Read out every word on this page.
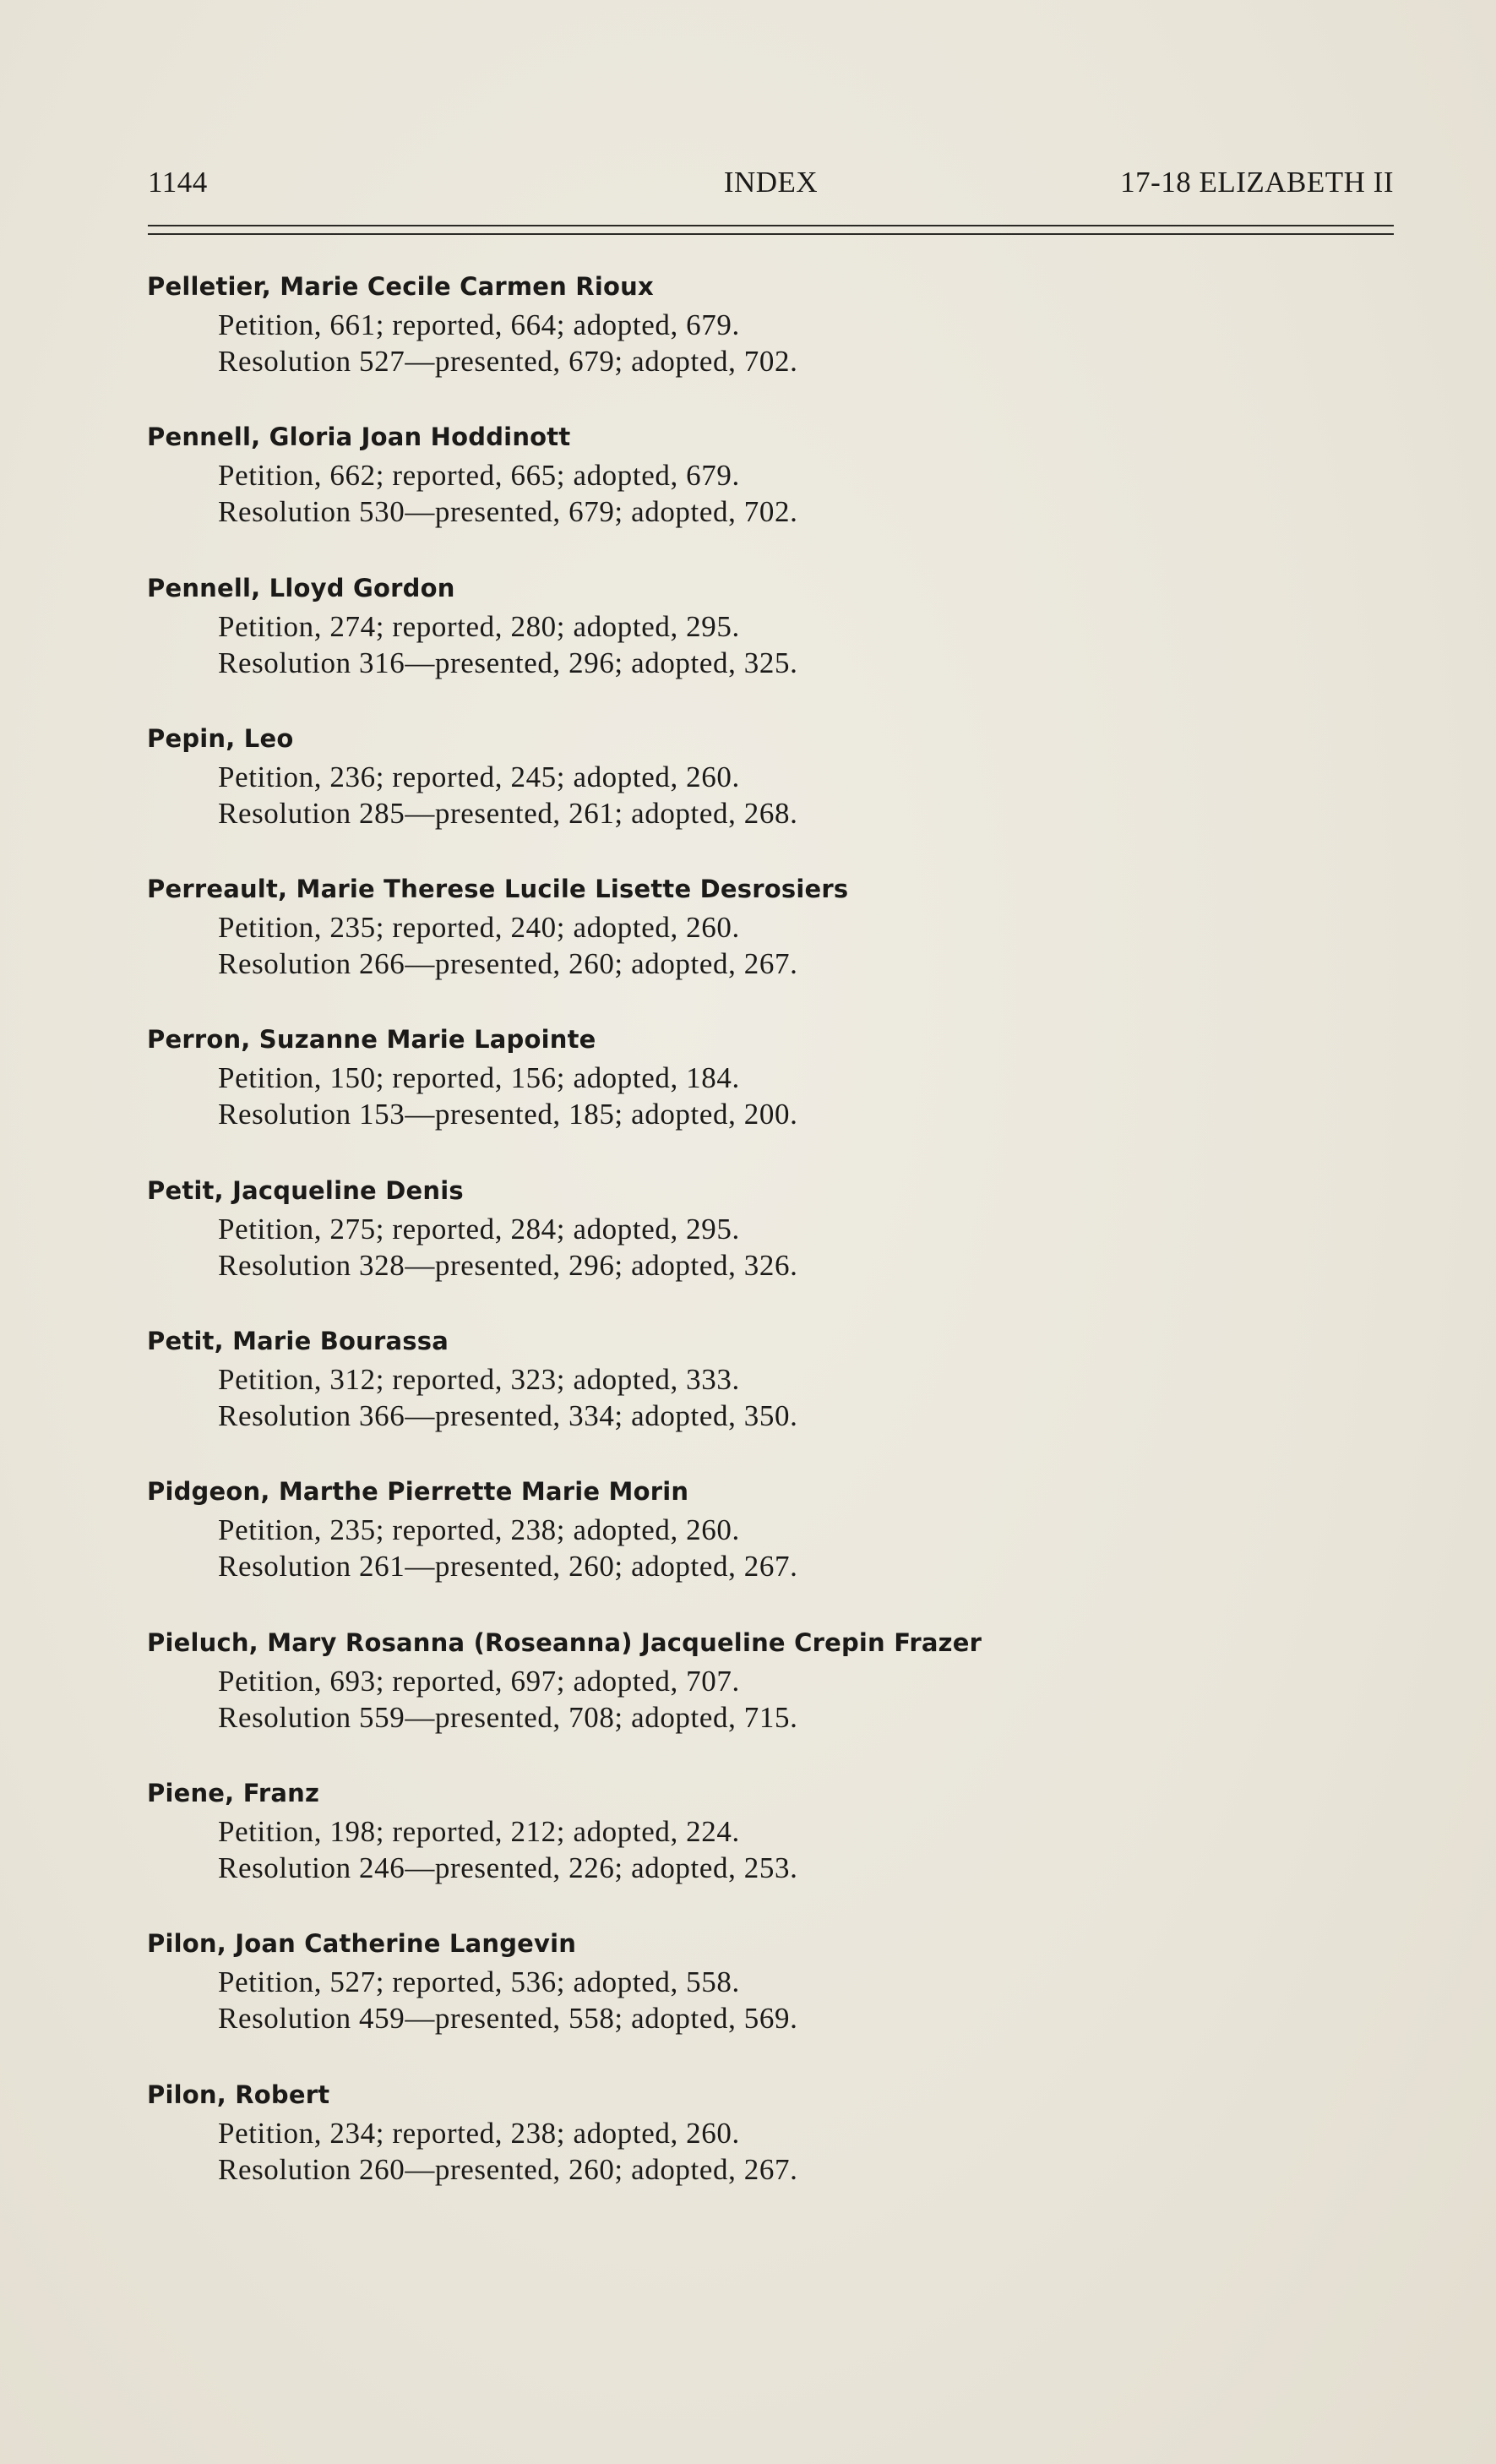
1144	INDEX	17-18 ELIZABETH II
Pelletier, Marie Cecile Carmen Rioux
Petition, 661; reported, 664; adopted, 679.
Resolution 527—presented, 679; adopted, 702.
Pennell, Gloria Joan Hoddinott
Petition, 662; reported, 665; adopted, 679.
Resolution 530—presented, 679; adopted, 702.
Pennell, Lloyd Gordon
Petition, 274; reported, 280; adopted, 295.
Resolution 316—presented, 296; adopted, 325.
Pepin, Leo
Petition, 236; reported, 245; adopted, 260.
Resolution 285—presented, 261; adopted, 268.
Perreault, Marie Therese Lucile Lisette Desrosiers
Petition, 235; reported, 240; adopted, 260.
Resolution 266—presented, 260; adopted, 267.
Perron, Suzanne Marie Lapointe
Petition, 150; reported, 156; adopted, 184.
Resolution 153—presented, 185; adopted, 200.
Petit, Jacqueline Denis
Petition, 275; reported, 284; adopted, 295.
Resolution 328—presented, 296; adopted, 326.
Petit, Marie Bourassa
Petition, 312; reported, 323; adopted, 333.
Resolution 366—presented, 334; adopted, 350.
Pidgeon, Marthe Pierrette Marie Morin
Petition, 235; reported, 238; adopted, 260.
Resolution 261—presented, 260; adopted, 267.
Pieluch, Mary Rosanna (Roseanna) Jacqueline Crepin Frazer
Petition, 693; reported, 697; adopted, 707.
Resolution 559—presented, 708; adopted, 715.
Piene, Franz
Petition, 198; reported, 212; adopted, 224.
Resolution 246—presented, 226; adopted, 253.
Pilon, Joan Catherine Langevin
Petition, 527; reported, 536; adopted, 558.
Resolution 459—presented, 558; adopted, 569.
Pilon, Robert
Petition, 234; reported, 238; adopted, 260.
Resolution 260—presented, 260; adopted, 267.
